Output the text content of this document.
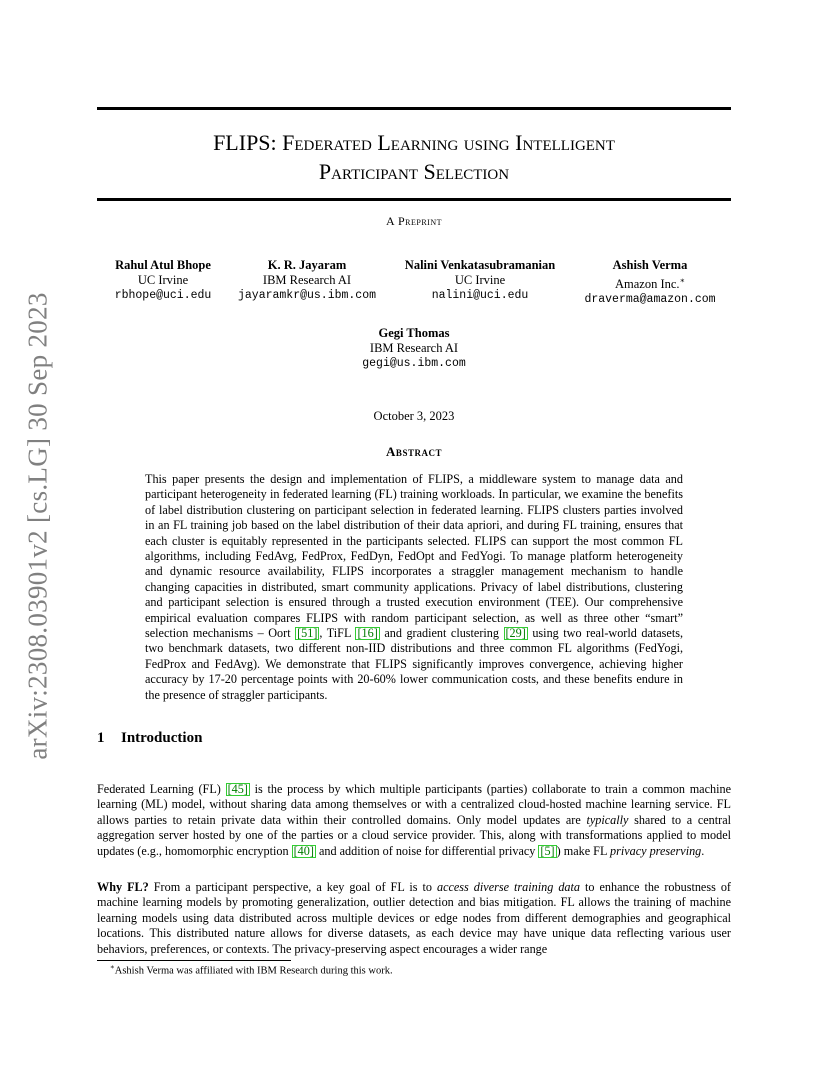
arXiv:2308.03901v2 [cs.LG] 30 Sep 2023
FLIPS: Federated Learning using Intelligent
Participant Selection
A Preprint
Rahul Atul Bhope
UC Irvine
rbhope@uci.edu
K. R. Jayaram
IBM Research AI
jayaramkr@us.ibm.com
Nalini Venkatasubramanian
UC Irvine
nalini@uci.edu
Ashish Verma
Amazon Inc.∗
draverma@amazon.com
Gegi Thomas
IBM Research AI
gegi@us.ibm.com
October 3, 2023
Abstract
This paper presents the design and implementation of FLIPS, a middleware system to manage data and participant heterogeneity in federated learning (FL) training workloads. In particular, we examine the benefits of label distribution clustering on participant selection in federated learning. FLIPS clusters parties involved in an FL training job based on the label distribution of their data apriori, and during FL training, ensures that each cluster is equitably represented in the participants selected. FLIPS can support the most common FL algorithms, including FedAvg, FedProx, FedDyn, FedOpt and FedYogi. To manage platform heterogeneity and dynamic resource availability, FLIPS incorporates a straggler management mechanism to handle changing capacities in distributed, smart community applications. Privacy of label distributions, clustering and participant selection is ensured through a trusted execution environment (TEE). Our comprehensive empirical evaluation compares FLIPS with random participant selection, as well as three other “smart” selection mechanisms – Oort [51] , TiFL [16] and gradient clustering [29] using two real-world datasets, two benchmark datasets, two different non-IID distributions and three common FL algorithms (FedYogi, FedProx and FedAvg). We demonstrate that FLIPS significantly improves convergence, achieving higher accuracy by 17-20 percentage points with 20-60% lower communication costs, and these benefits endure in the presence of straggler participants.
1 Introduction
Federated Learning (FL) [45] is the process by which multiple participants (parties) collaborate to train a common machine learning (ML) model, without sharing data among themselves or with a centralized cloud-hosted machine learning service. FL allows parties to retain private data within their controlled domains. Only model updates are typically shared to a central aggregation server hosted by one of the parties or a cloud service provider. This, along with transformations applied to model updates (e.g., homomorphic encryption [40] and addition of noise for differential privacy [5] ) make FL privacy preserving.
Why FL? From a participant perspective, a key goal of FL is to access diverse training data to enhance the robustness of machine learning models by promoting generalization, outlier detection and bias mitigation. FL allows the training of machine learning models using data distributed across multiple devices or edge nodes from different demographies and geographical locations. This distributed nature allows for diverse datasets, as each device may have unique data reflecting various user behaviors, preferences, or contexts. The privacy-preserving aspect encourages a wider range
∗Ashish Verma was affiliated with IBM Research during this work.
